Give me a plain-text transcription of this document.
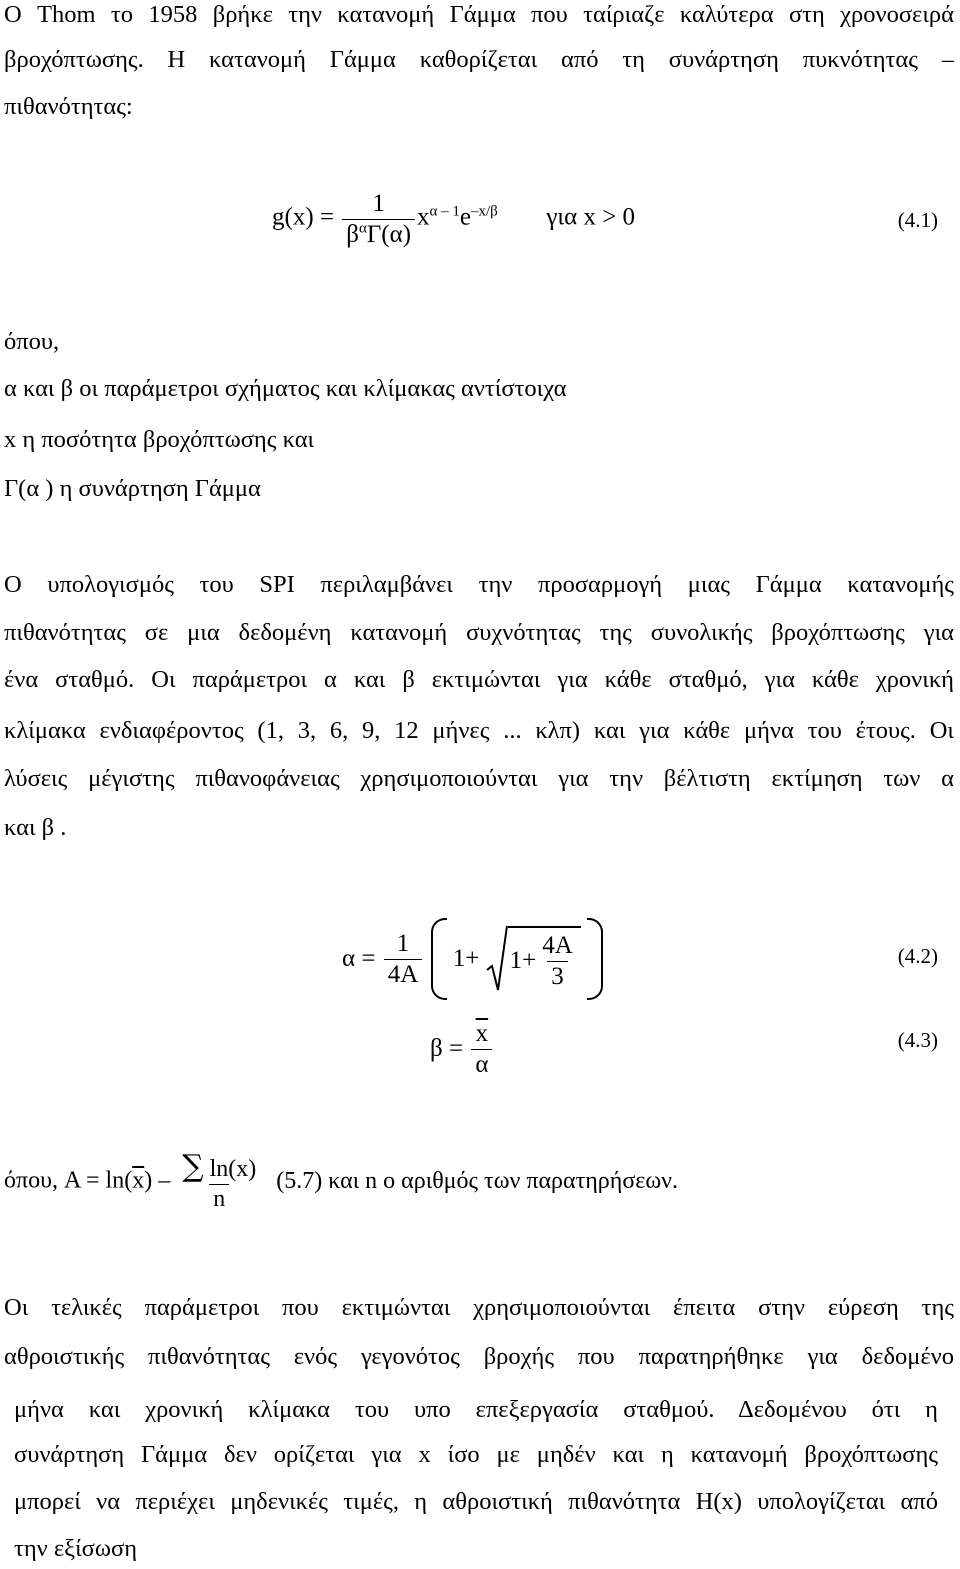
Ο Thom το 1958 βρήκε την κατανομή Γάμμα που ταίριαζε καλύτερα στη χρονοσειρά
βροχόπτωσης. Η κατανομή Γάμμα καθορίζεται από τη συνάρτηση πυκνότητας –
πιθανότητας:
$g(x) = \frac{1}{\beta^\alpha\Gamma(\alpha)} x^{\alpha - 1}e^{-x/\beta}$ για x > 0	(4.1)
όπου,
α και β οι παράμετροι σχήματος και κλίμακας αντίστοιχα
x η ποσότητα βροχόπτωσης και
Γ(α ) η συνάρτηση Γάμμα
Ο υπολογισμός του SPI περιλαμβάνει την προσαρμογή μιας Γάμμα κατανομής
πιθανότητας σε μια δεδομένη κατανομή συχνότητας της συνολικής βροχόπτωσης για
ένα σταθμό. Οι παράμετροι α και β εκτιμώνται για κάθε σταθμό, για κάθε χρονική
κλίμακα ενδιαφέροντος (1, 3, 6, 9, 12 μήνες ... κλπ) και για κάθε μήνα του έτους. Οι
λύσεις μέγιστης πιθανοφάνειας χρησιμοποιούνται για την βέλτιστη εκτίμηση των α
και β .
$\alpha = \frac{1}{4A} 1+ 1+ \frac{4A}{3}$
	(4.2)
$\beta = \frac{\overline{x}}{\alpha}$	(4.3)
όπου, $A = \ln(\overline{x}) - \frac{\sum \ln(x)}{n} (5.7)$ και n ο αριθμός των παρατηρήσεων.
Οι τελικές παράμετροι που εκτιμώνται χρησιμοποιούνται έπειτα στην εύρεση της
αθροιστικής πιθανότητας ενός γεγονότος βροχής που παρατηρήθηκε για δεδομένο
μήνα και χρονική κλίμακα του υπο επεξεργασία σταθμού. Δεδομένου ότι η
συνάρτηση Γάμμα δεν ορίζεται για x ίσο με μηδέν και η κατανομή βροχόπτωσης
μπορεί να περιέχει μηδενικές τιμές, η αθροιστική πιθανότητα H(x) υπολογίζεται από
την εξίσωση
